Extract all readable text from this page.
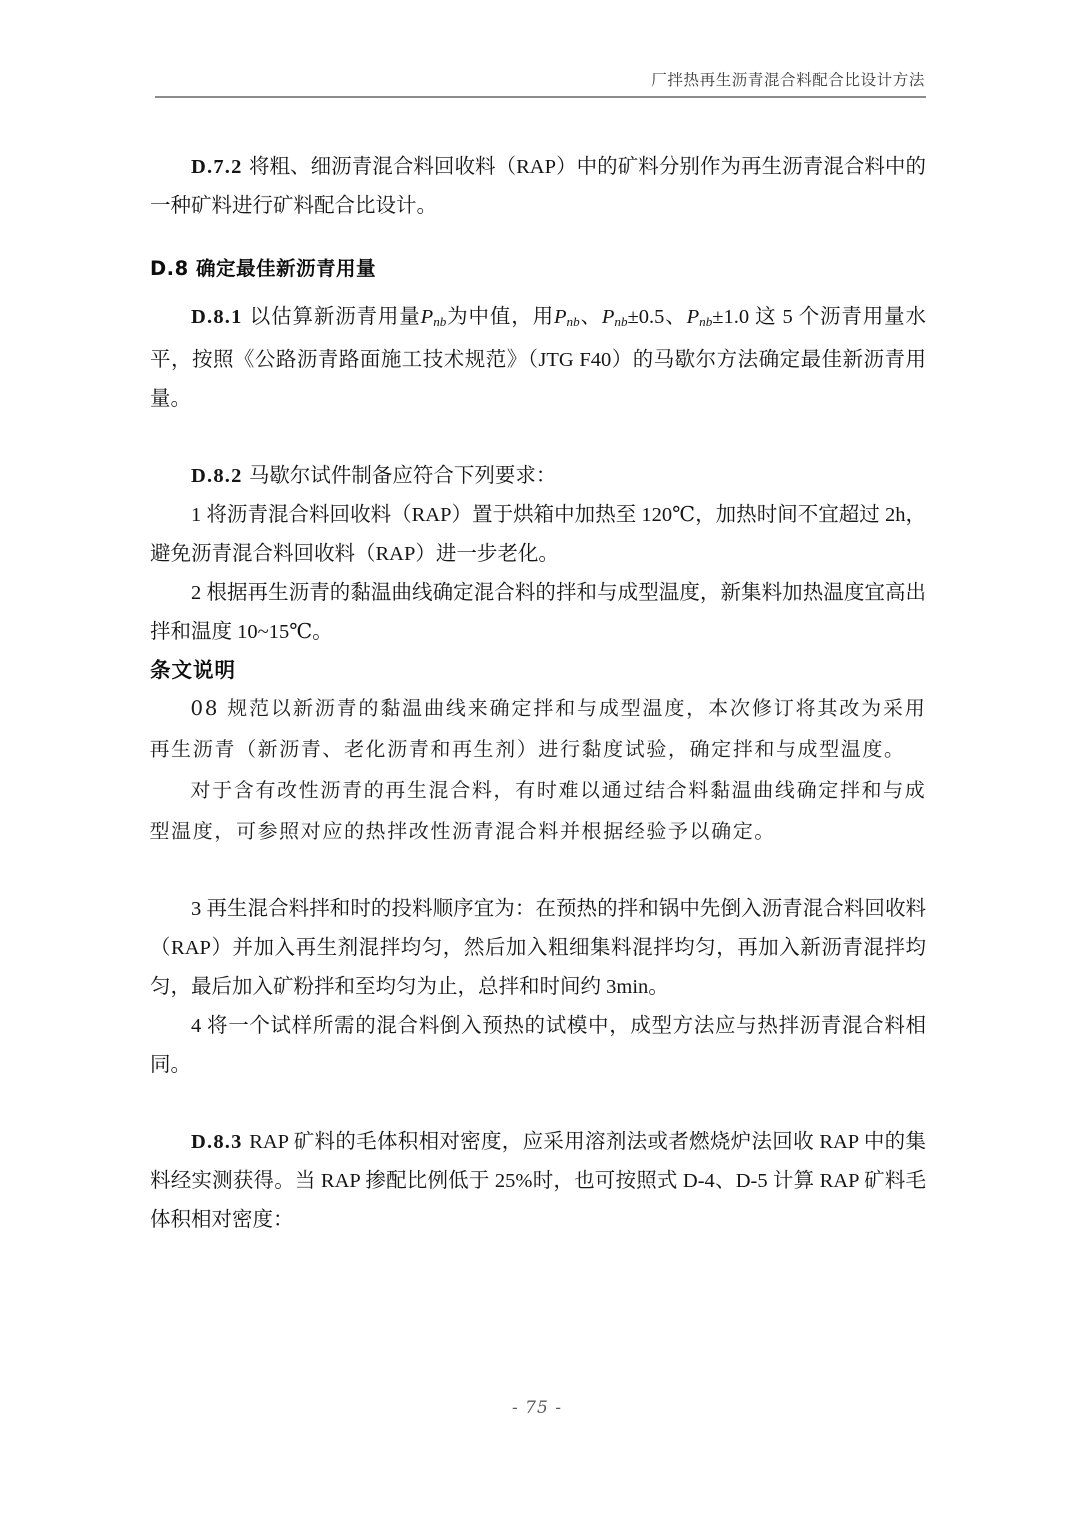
厂拌热再生沥青混合料配合比设计方法

D.7.2 将粗、细沥青混合料回收料（RAP）中的矿料分别作为再生沥青混合料中的一种矿料进行矿料配合比设计。

D.8 确定最佳新沥青用量

D.8.1 以估算新沥青用量$P_{nb}$为中值，用$P_{nb}$、$P_{nb}\pm 0.5$、$P_{nb}\pm 1.0$ 这 5 个沥青用量水平，按照《公路沥青路面施工技术规范》（JTG F40）的马歇尔方法确定最佳新沥青用量。

D.8.2 马歇尔试件制备应符合下列要求：

1 将沥青混合料回收料（RAP）置于烘箱中加热至 120℃，加热时间不宜超过 2h，避免沥青混合料回收料（RAP）进一步老化。

2 根据再生沥青的黏温曲线确定混合料的拌和与成型温度，新集料加热温度宜高出拌和温度 10~15℃。

条文说明

08 规范以新沥青的黏温曲线来确定拌和与成型温度，本次修订将其改为采用再生沥青（新沥青、老化沥青和再生剂）进行黏度试验，确定拌和与成型温度。

对于含有改性沥青的再生混合料，有时难以通过结合料黏温曲线确定拌和与成型温度，可参照对应的热拌改性沥青混合料并根据经验予以确定。

3 再生混合料拌和时的投料顺序宜为：在预热的拌和锅中先倒入沥青混合料回收料（RAP）并加入再生剂混拌均匀，然后加入粗细集料混拌均匀，再加入新沥青混拌均匀，最后加入矿粉拌和至均匀为止，总拌和时间约 3min。

4 将一个试样所需的混合料倒入预热的试模中，成型方法应与热拌沥青混合料相同。

D.8.3 RAP 矿料的毛体积相对密度，应采用溶剂法或者燃烧炉法回收 RAP 中的集料经实测获得。当 RAP 掺配比例低于 25%时，也可按照式 D-4、D-5 计算 RAP 矿料毛体积相对密度：

- 75 -
